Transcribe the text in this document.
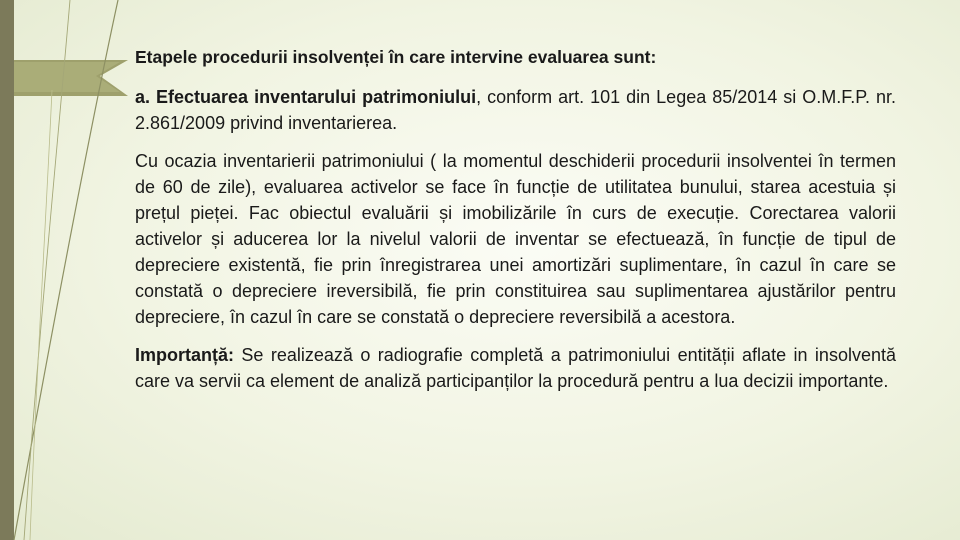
Etapele procedurii insolvenței în care intervine evaluarea sunt:

a. Efectuarea inventarului patrimoniului, conform art. 101 din Legea 85/2014 si O.M.F.P. nr. 2.861/2009 privind inventarierea.

Cu ocazia inventarierii patrimoniului ( la momentul deschiderii procedurii insolventei în termen de 60 de zile), evaluarea activelor se face în funcție de utilitatea bunului, starea acestuia și prețul pieței. Fac obiectul evaluării și imobilizările în curs de execuție. Corectarea valorii activelor și aducerea lor la nivelul valorii de inventar se efectuează, în funcție de tipul de depreciere existentă, fie prin înregistrarea unei amortizări suplimentare, în cazul în care se constată o depreciere ireversibilă, fie prin constituirea sau suplimentarea ajustărilor pentru depreciere, în cazul în care se constată o depreciere reversibilă a acestora.

Importanță: Se realizează o radiografie completă a patrimoniului entității aflate in insolventă care va servii ca element de analiză participanților la procedură pentru a lua decizii importante.
